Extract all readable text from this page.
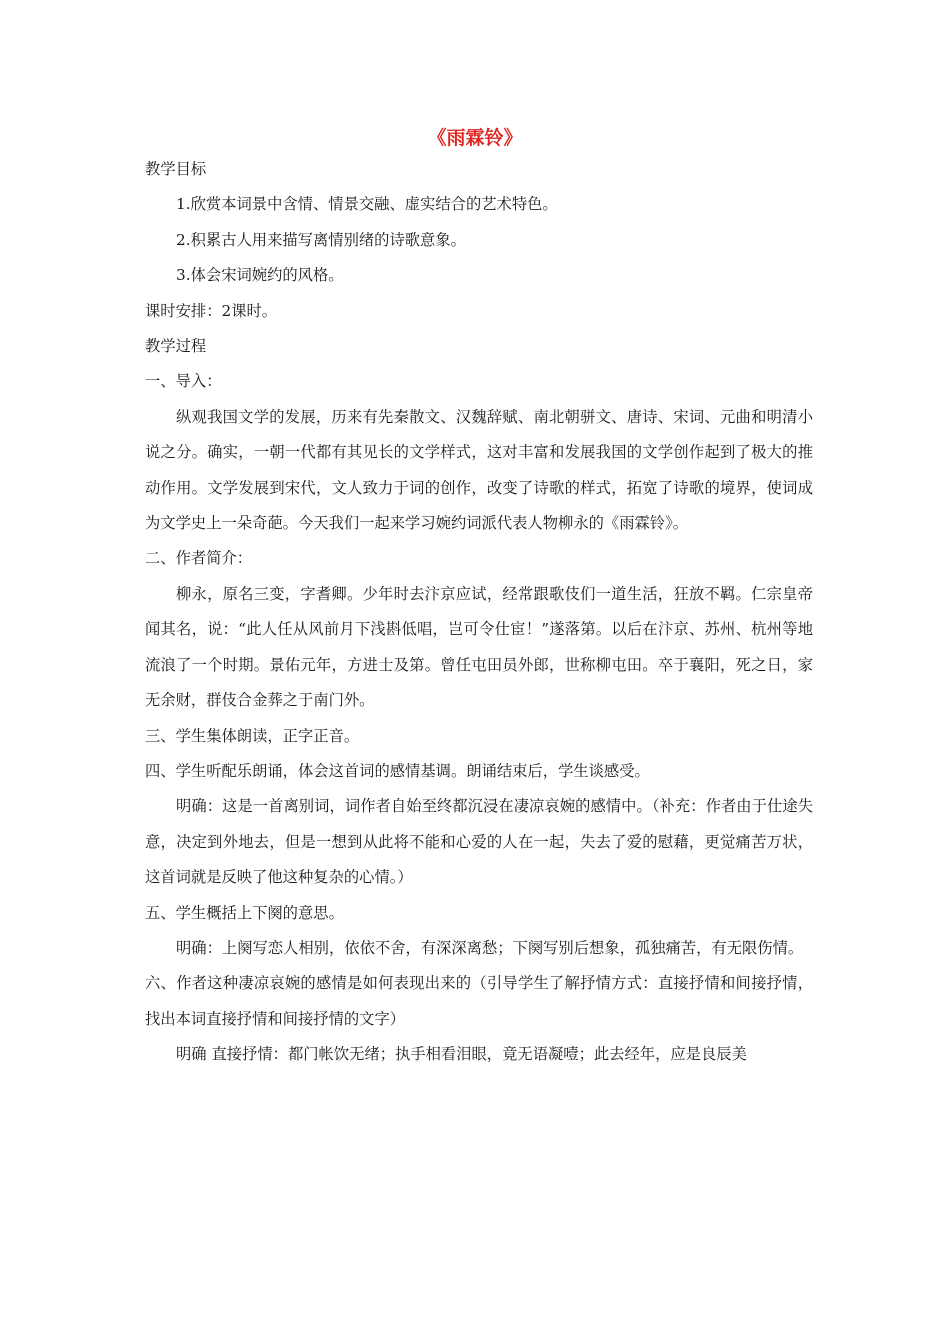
《雨霖铃》

教学目标

1.欣赏本词景中含情、情景交融、虚实结合的艺术特色。

2.积累古人用来描写离情别绪的诗歌意象。

3.体会宋词婉约的风格。

课时安排：2课时。

教学过程

一、导入：

纵观我国文学的发展，历来有先秦散文、汉魏辞赋、南北朝骈文、唐诗、宋词、元曲和明清小说之分。确实，一朝一代都有其见长的文学样式，这对丰富和发展我国的文学创作起到了极大的推动作用。文学发展到宋代，文人致力于词的创作，改变了诗歌的样式，拓宽了诗歌的境界，使词成为文学史上一朵奇葩。今天我们一起来学习婉约词派代表人物柳永的《雨霖铃》。

二、作者简介：

柳永，原名三变，字耆卿。少年时去汴京应试，经常跟歌伎们一道生活，狂放不羁。仁宗皇帝闻其名，说：“此人任从风前月下浅斟低唱，岂可令仕宦！”遂落第。以后在汴京、苏州、杭州等地流浪了一个时期。景佑元年，方进士及第。曾任屯田员外郎，世称柳屯田。卒于襄阳，死之日，家无余财，群伎合金葬之于南门外。

三、学生集体朗读，正字正音。

四、学生听配乐朗诵，体会这首词的感情基调。朗诵结束后，学生谈感受。

明确：这是一首离别词，词作者自始至终都沉浸在凄凉哀婉的感情中。（补充：作者由于仕途失意，决定到外地去，但是一想到从此将不能和心爱的人在一起，失去了爱的慰藉，更觉痛苦万状，这首词就是反映了他这种复杂的心情。）

五、学生概括上下阕的意思。

明确：上阕写恋人相别，依依不舍，有深深离愁；下阕写别后想象，孤独痛苦，有无限伤情。

六、作者这种凄凉哀婉的感情是如何表现出来的（引导学生了解抒情方式：直接抒情和间接抒情，找出本词直接抒情和间接抒情的文字）

明确 直接抒情：都门帐饮无绪；执手相看泪眼，竟无语凝噎；此去经年，应是良辰美
